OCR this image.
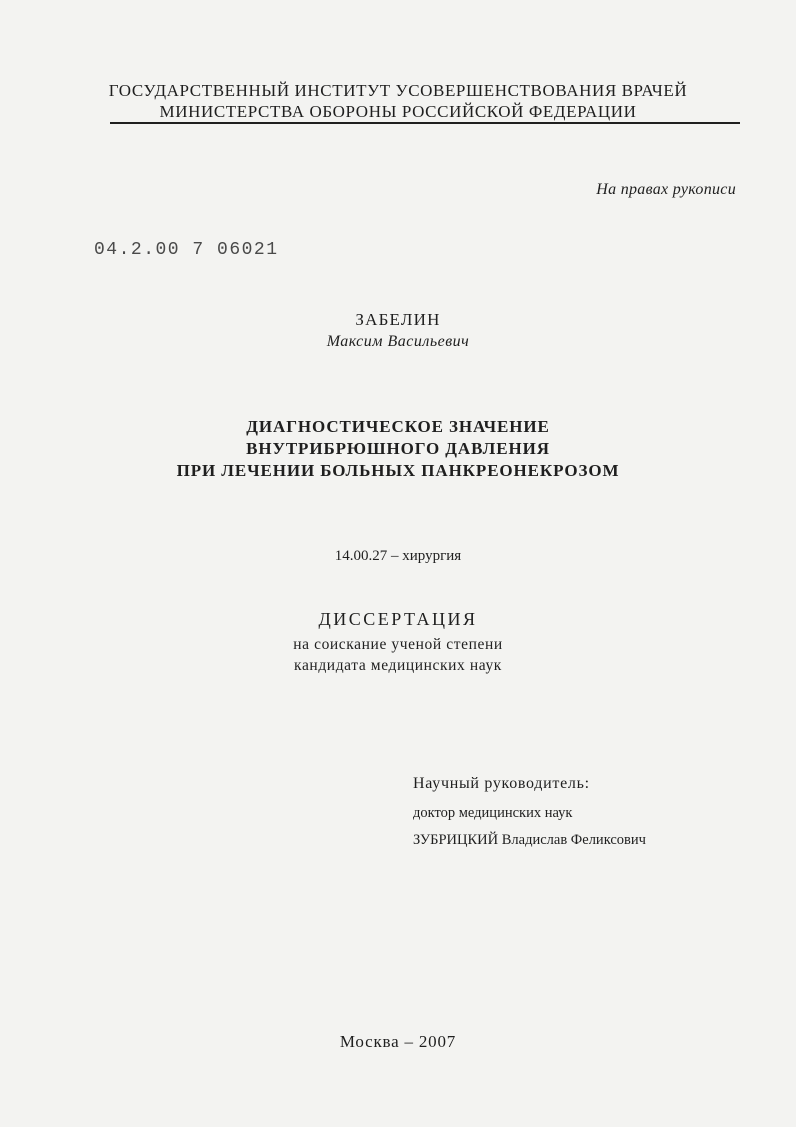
ГОСУДАРСТВЕННЫЙ ИНСТИТУТ УСОВЕРШЕНСТВОВАНИЯ ВРАЧЕЙ
МИНИСТЕРСТВА ОБОРОНЫ РОССИЙСКОЙ ФЕДЕРАЦИИ
На правах рукописи
04.2.00 7 06021
ЗАБЕЛИН
Максим Васильевич
ДИАГНОСТИЧЕСКОЕ ЗНАЧЕНИЕ
ВНУТРИБРЮШНОГО ДАВЛЕНИЯ
ПРИ ЛЕЧЕНИИ БОЛЬНЫХ ПАНКРЕОНЕКРОЗОМ
14.00.27 – хирургия
ДИССЕРТАЦИЯ
на соискание ученой степени
кандидата медицинских наук
Научный руководитель:
доктор медицинских наук
ЗУБРИЦКИЙ Владислав Феликсович
Москва – 2007
